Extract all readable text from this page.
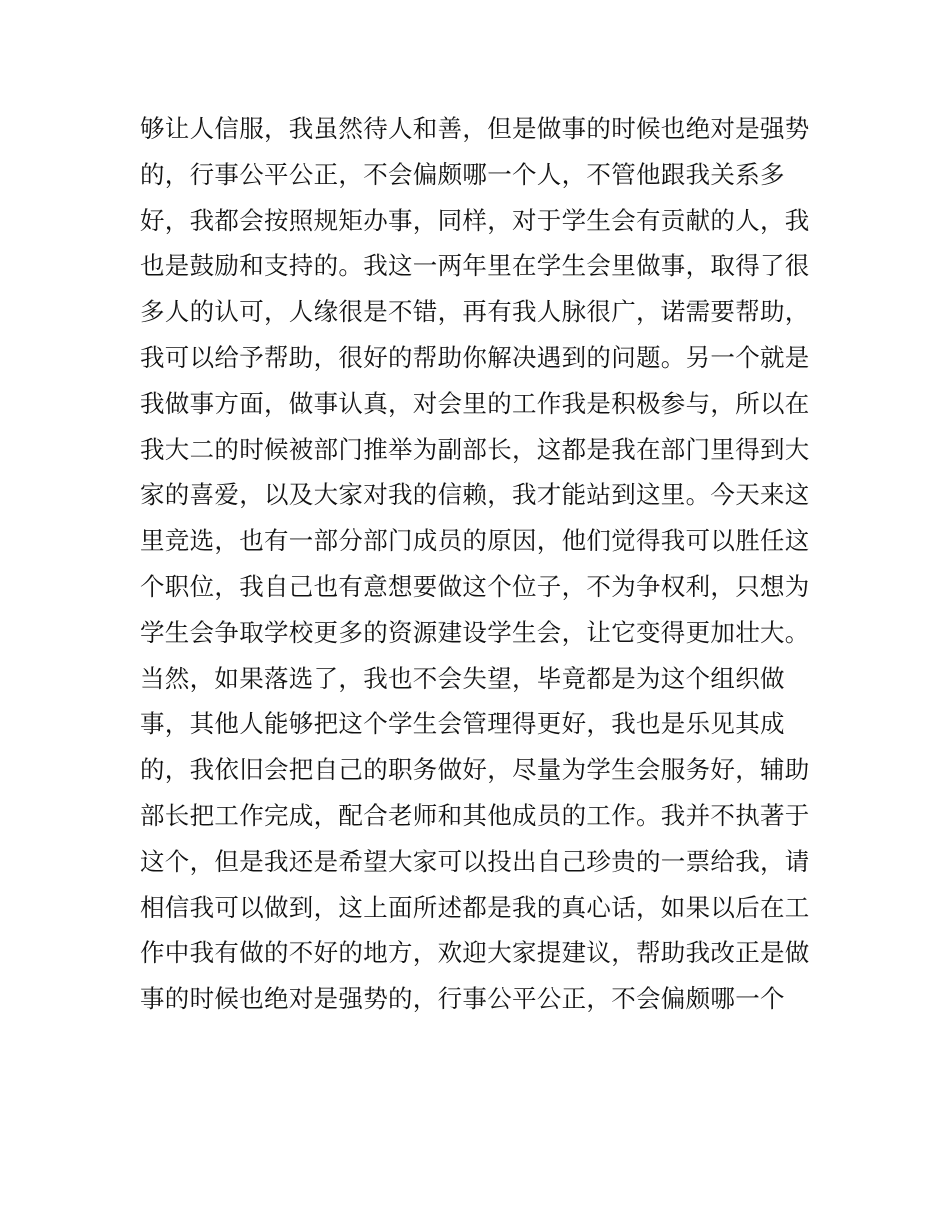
够让人信服，我虽然待人和善，但是做事的时候也绝对是强势
的，行事公平公正，不会偏颇哪一个人，不管他跟我关系多
好，我都会按照规矩办事，同样，对于学生会有贡献的人，我
也是鼓励和支持的。我这一两年里在学生会里做事，取得了很
多人的认可，人缘很是不错，再有我人脉很广，诺需要帮助，
我可以给予帮助，很好的帮助你解决遇到的问题。另一个就是
我做事方面，做事认真，对会里的工作我是积极参与，所以在
我大二的时候被部门推举为副部长，这都是我在部门里得到大
家的喜爱，以及大家对我的信赖，我才能站到这里。今天来这
里竞选，也有一部分部门成员的原因，他们觉得我可以胜任这
个职位，我自己也有意想要做这个位子，不为争权利，只想为
学生会争取学校更多的资源建设学生会，让它变得更加壮大。
当然，如果落选了，我也不会失望，毕竟都是为这个组织做
事，其他人能够把这个学生会管理得更好，我也是乐见其成
的，我依旧会把自己的职务做好，尽量为学生会服务好，辅助
部长把工作完成，配合老师和其他成员的工作。我并不执著于
这个，但是我还是希望大家可以投出自己珍贵的一票给我，请
相信我可以做到，这上面所述都是我的真心话，如果以后在工
作中我有做的不好的地方，欢迎大家提建议，帮助我改正是做
事的时候也绝对是强势的，行事公平公正，不会偏颇哪一个
